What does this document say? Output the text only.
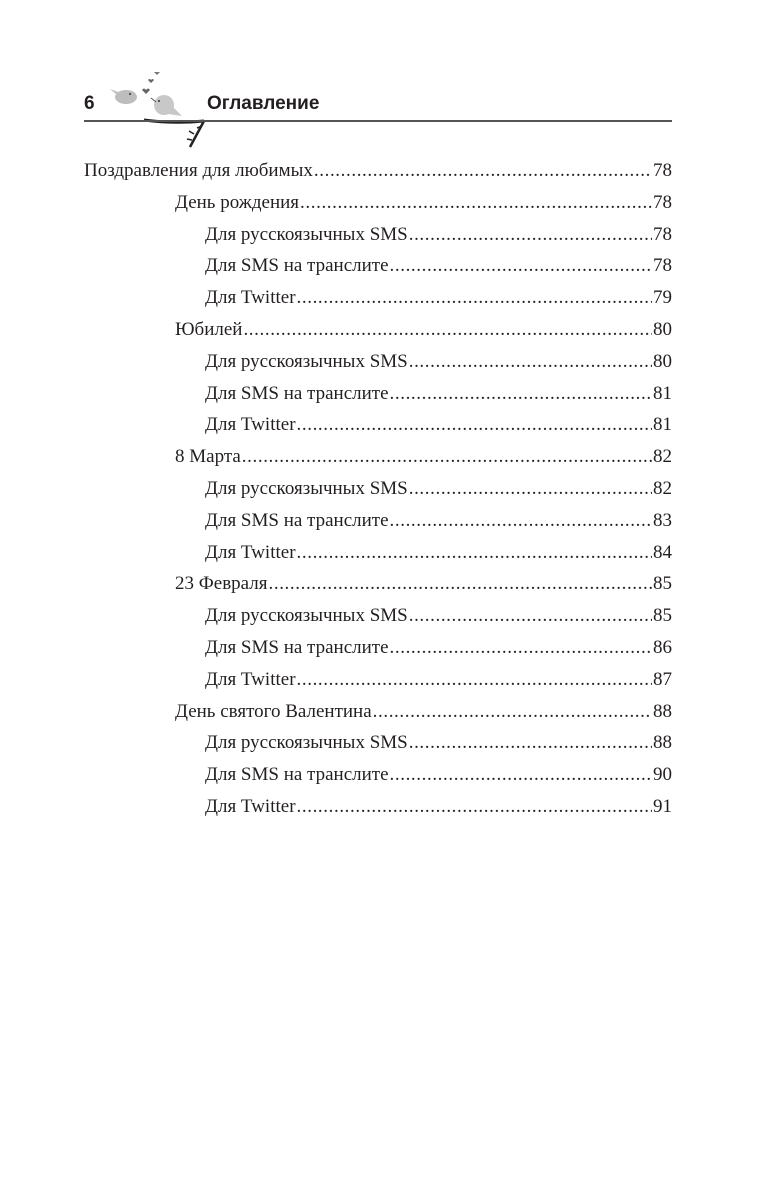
6	Оглавление
Поздравления для любимых .....	78
День рождения .....	78
Для русскоязычных SMS .....	78
Для SMS на транслите .....	78
Для Twitter .....	79
Юбилей .....	80
Для русскоязычных SMS .....	80
Для SMS на транслите .....	81
Для Twitter .....	81
8 Марта .....	82
Для русскоязычных SMS .....	82
Для SMS на транслите .....	83
Для Twitter .....	84
23 Февраля .....	85
Для русскоязычных SMS .....	85
Для SMS на транслите .....	86
Для Twitter .....	87
День святого Валентина .....	88
Для русскоязычных SMS .....	88
Для SMS на транслите .....	90
Для Twitter .....	91
